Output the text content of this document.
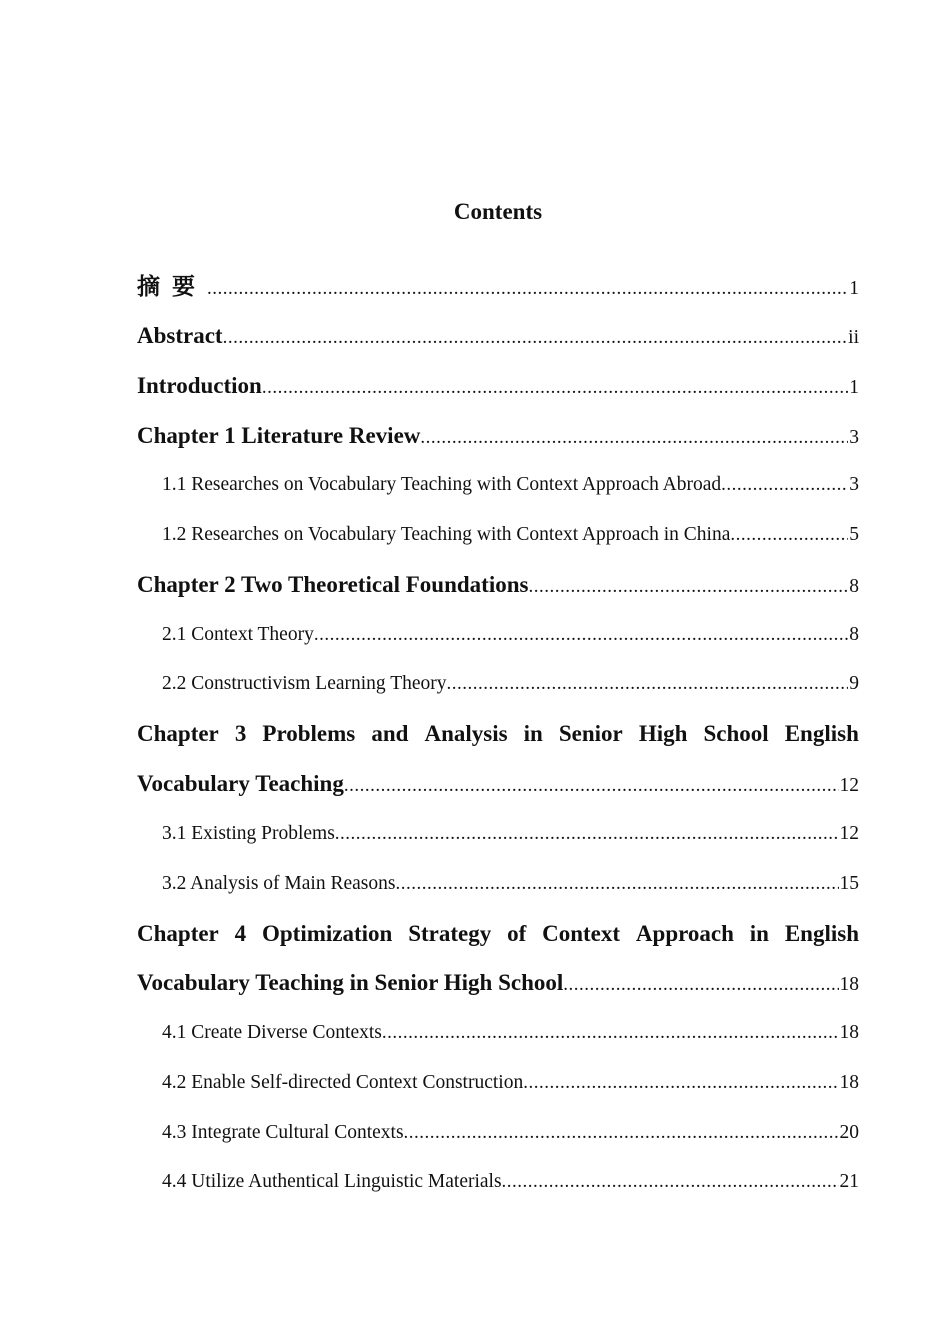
Contents
摘要 .....	1
Abstract .....	ii
Introduction .....	1
Chapter 1 Literature Review .....	3
1.1 Researches on Vocabulary Teaching with Context Approach Abroad .....	3
1.2 Researches on Vocabulary Teaching with Context Approach in China .....	5
Chapter 2 Two Theoretical Foundations .....	8
2.1 Context Theory .....	8
2.2 Constructivism Learning Theory .....	9
Chapter 3 Problems and Analysis in Senior High School English
Vocabulary Teaching .....	12
3.1 Existing Problems .....	12
3.2 Analysis of Main Reasons .....	15
Chapter 4 Optimization Strategy of Context Approach in English
Vocabulary Teaching in Senior High School .....	18
4.1 Create Diverse Contexts .....	18
4.2 Enable Self-directed Context Construction .....	18
4.3 Integrate Cultural Contexts .....	20
4.4 Utilize Authentical Linguistic Materials .....	21
